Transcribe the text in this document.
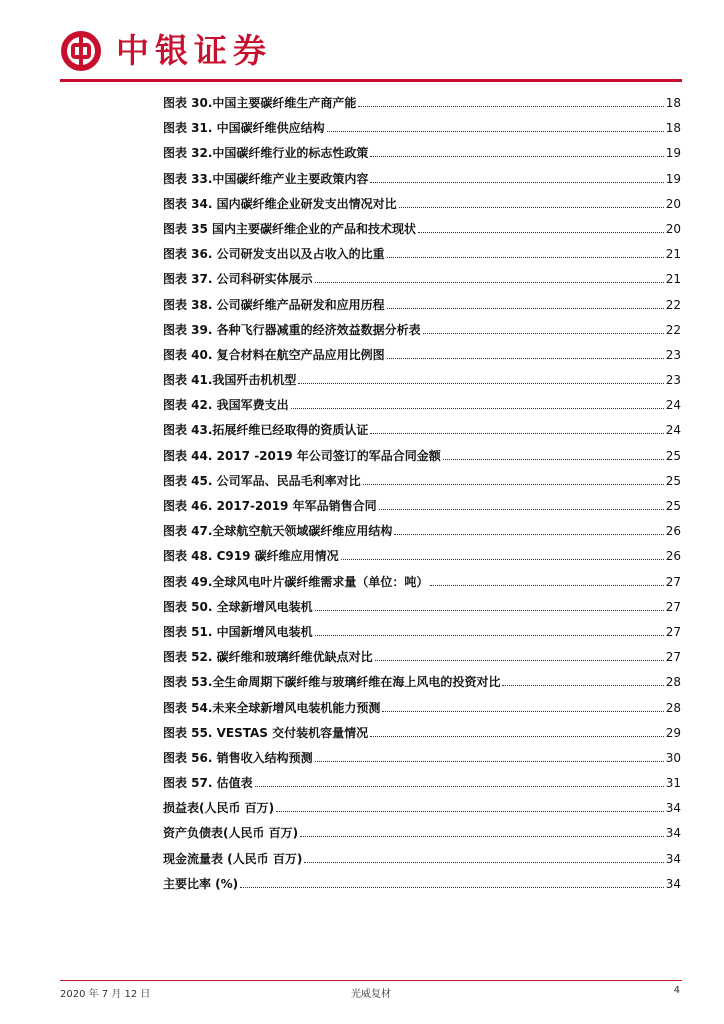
中银证券
图表 30.中国主要碳纤维生产商产能	18
图表 31. 中国碳纤维供应结构	18
图表 32.中国碳纤维行业的标志性政策	19
图表 33.中国碳纤维产业主要政策内容	19
图表 34. 国内碳纤维企业研发支出情况对比	20
图表 35 国内主要碳纤维企业的产品和技术现状	20
图表 36. 公司研发支出以及占收入的比重	21
图表 37. 公司科研实体展示	21
图表 38. 公司碳纤维产品研发和应用历程	22
图表 39. 各种飞行器减重的经济效益数据分析表	22
图表 40. 复合材料在航空产品应用比例图	23
图表 41.我国歼击机机型	23
图表 42. 我国军费支出	24
图表 43.拓展纤维已经取得的资质认证	24
图表 44. 2017 -2019 年公司签订的军品合同金额	25
图表 45. 公司军品、民品毛利率对比	25
图表 46. 2017-2019 年军品销售合同	25
图表 47.全球航空航天领域碳纤维应用结构	26
图表 48. C919 碳纤维应用情况	26
图表 49.全球风电叶片碳纤维需求量（单位：吨）	27
图表 50. 全球新增风电装机	27
图表 51. 中国新增风电装机	27
图表 52. 碳纤维和玻璃纤维优缺点对比	27
图表 53.全生命周期下碳纤维与玻璃纤维在海上风电的投资对比	28
图表 54.未来全球新增风电装机能力预测	28
图表 55. VESTAS 交付装机容量情况	29
图表 56. 销售收入结构预测	30
图表 57. 估值表	31
损益表(人民币 百万)	34
资产负债表(人民币 百万)	34
现金流量表 (人民币 百万)	34
主要比率 (%)	34
2020 年 7 月 12 日	光威复材	4
